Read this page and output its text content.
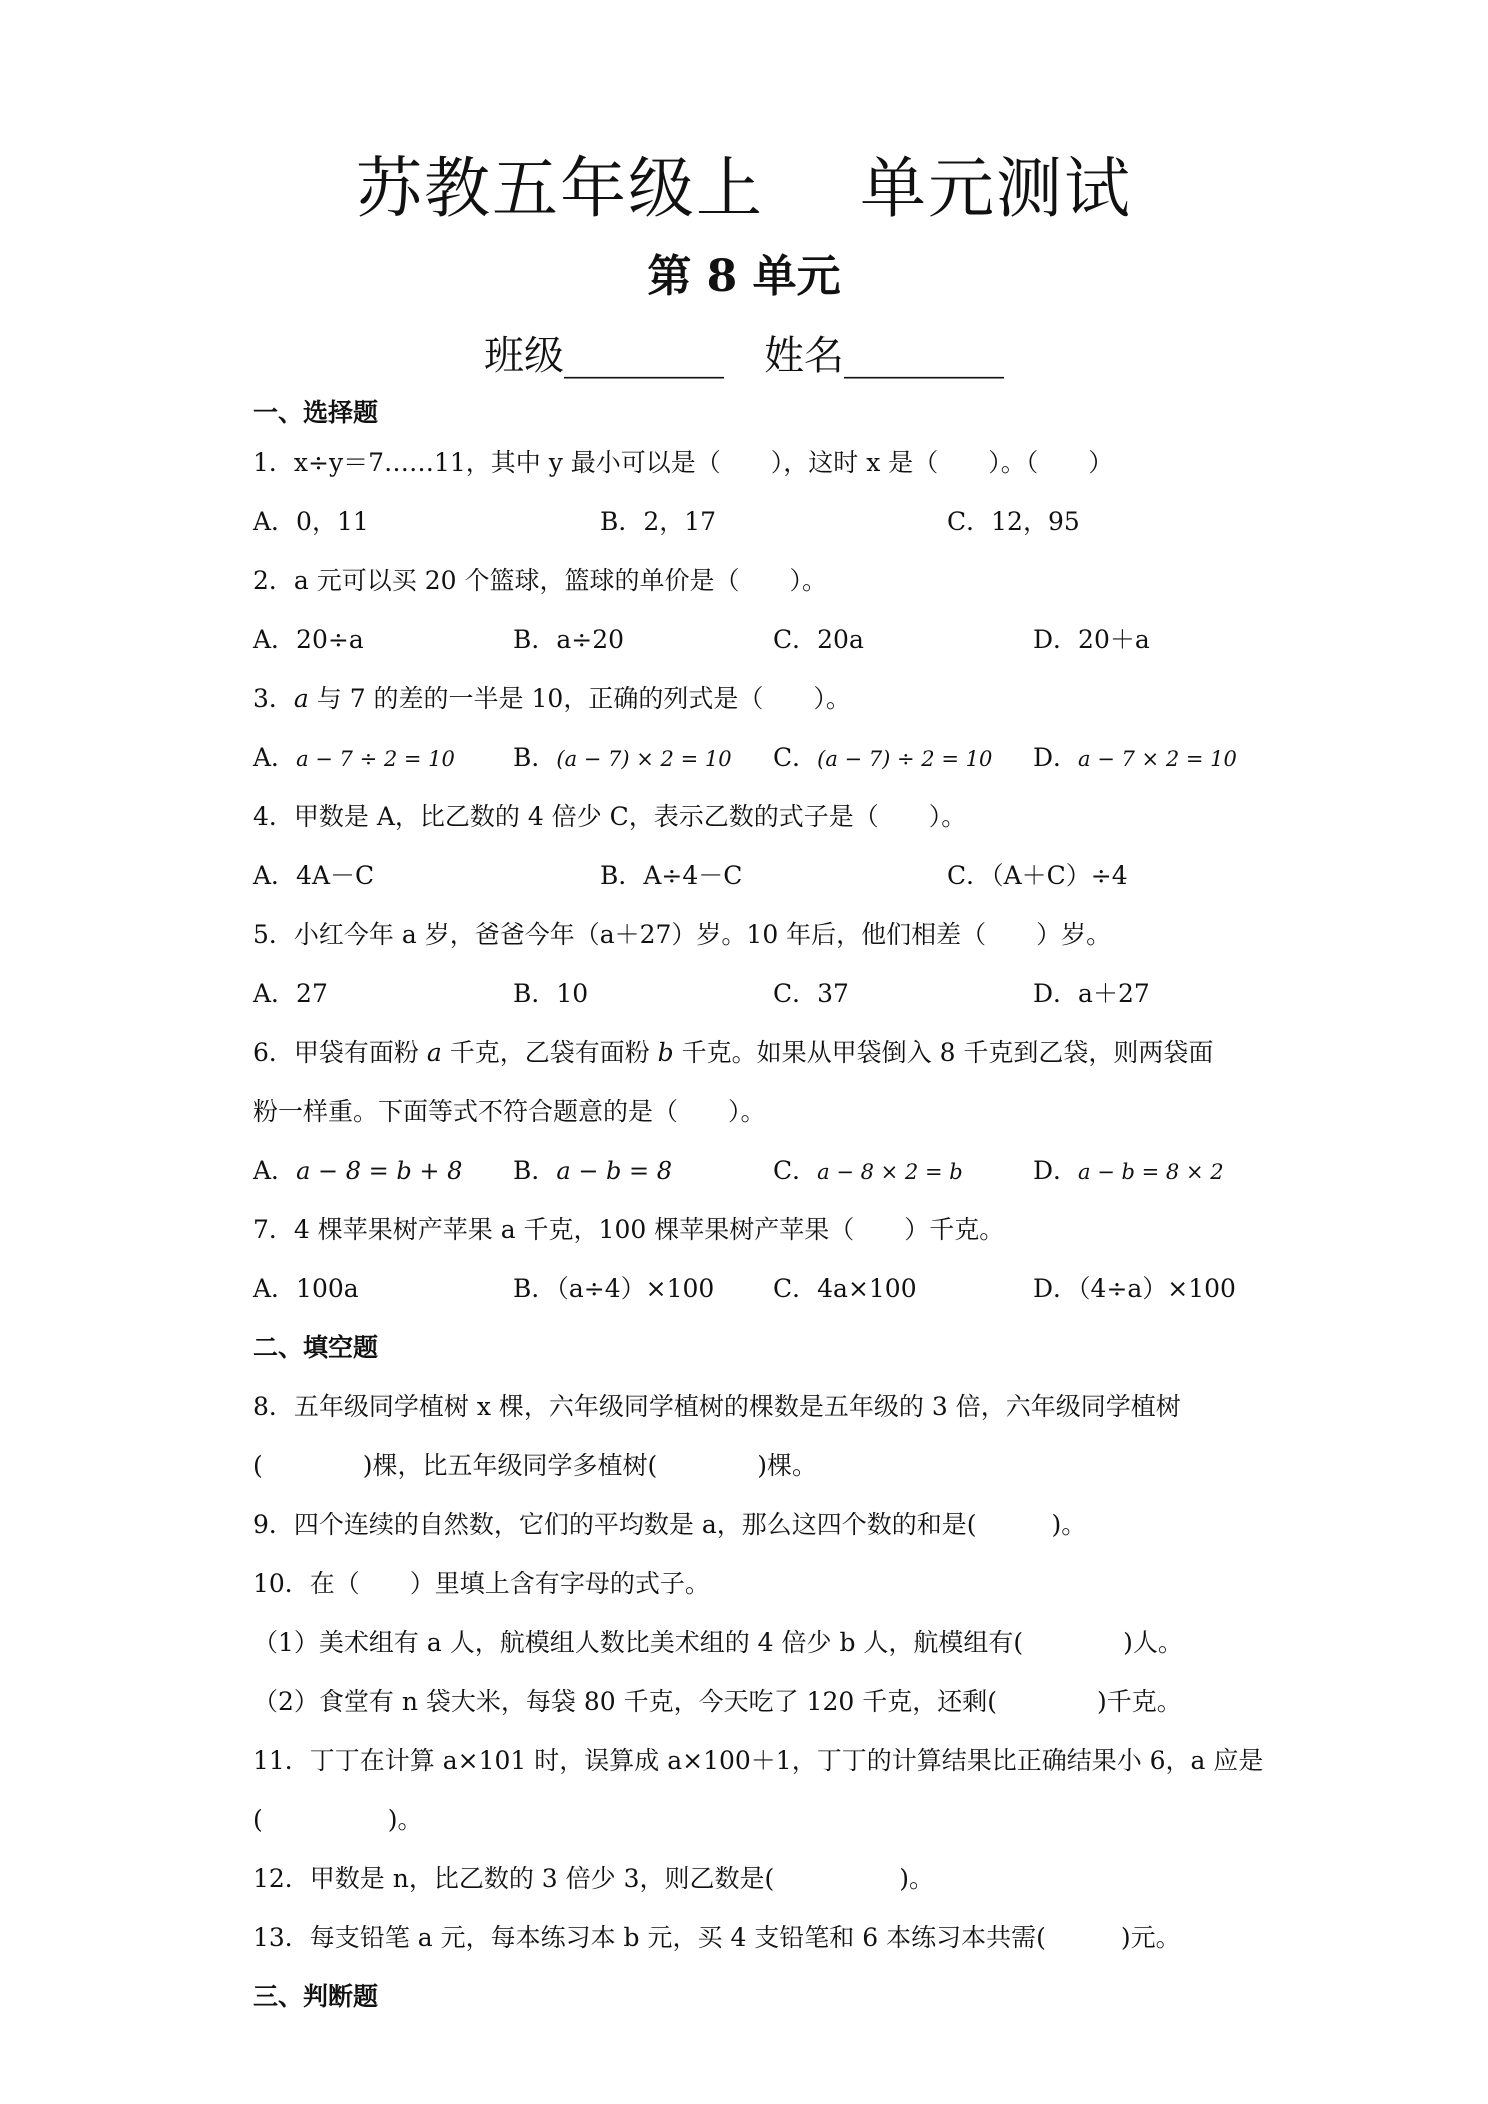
苏教五年级上 单元测试
第 8 单元
班级________ 姓名________
一、选择题
1．x÷y＝7……11，其中 y 最小可以是（　　），这时 x 是（　　）。（　　）
A．0，11	B．2，17	C．12，95
2．a 元可以买 20 个篮球，篮球的单价是（　　）。
A．20÷a	B．a÷20	C．20a	D．20＋a
3．a 与 7 的差的一半是 10，正确的列式是（　　）。
A．a − 7 ÷ 2 = 10 B．(a − 7) × 2 = 10 C．(a − 7) ÷ 2 = 10 D．a − 7 × 2 = 10
4．甲数是 A，比乙数的 4 倍少 C，表示乙数的式子是（　　）。
A．4A－C	B．A÷4－C	C．（A＋C）÷4
5．小红今年 a 岁，爸爸今年（a＋27）岁。10 年后，他们相差（　　）岁。
A．27	B．10	C．37	D．a＋27
6．甲袋有面粉 a 千克，乙袋有面粉 b 千克。如果从甲袋倒入 8 千克到乙袋，则两袋面
粉一样重。下面等式不符合题意的是（　　）。
A．a − 8 = b + 8 B．a − b = 8	C．a − 8 × 2 = b	D．a − b = 8 × 2
7．4 棵苹果树产苹果 a 千克，100 棵苹果树产苹果（　　）千克。
A．100a	B．（a÷4）×100 C．4a×100	D．（4÷a）×100
二、填空题
8．五年级同学植树 x 棵，六年级同学植树的棵数是五年级的 3 倍，六年级同学植树
(　　　　)棵，比五年级同学多植树(　　　　)棵。
9．四个连续的自然数，它们的平均数是 a，那么这四个数的和是(　　　)。
10．在（　　）里填上含有字母的式子。
（1）美术组有 a 人，航模组人数比美术组的 4 倍少 b 人，航模组有(　　　　)人。
（2）食堂有 n 袋大米，每袋 80 千克，今天吃了 120 千克，还剩(　　　　)千克。
11．丁丁在计算 a×101 时，误算成 a×100＋1，丁丁的计算结果比正确结果小 6，a 应是
(　　　　　)。
12．甲数是 n，比乙数的 3 倍少 3，则乙数是(　　　　　)。
13．每支铅笔 a 元，每本练习本 b 元，买 4 支铅笔和 6 本练习本共需(　　　)元。
三、判断题
